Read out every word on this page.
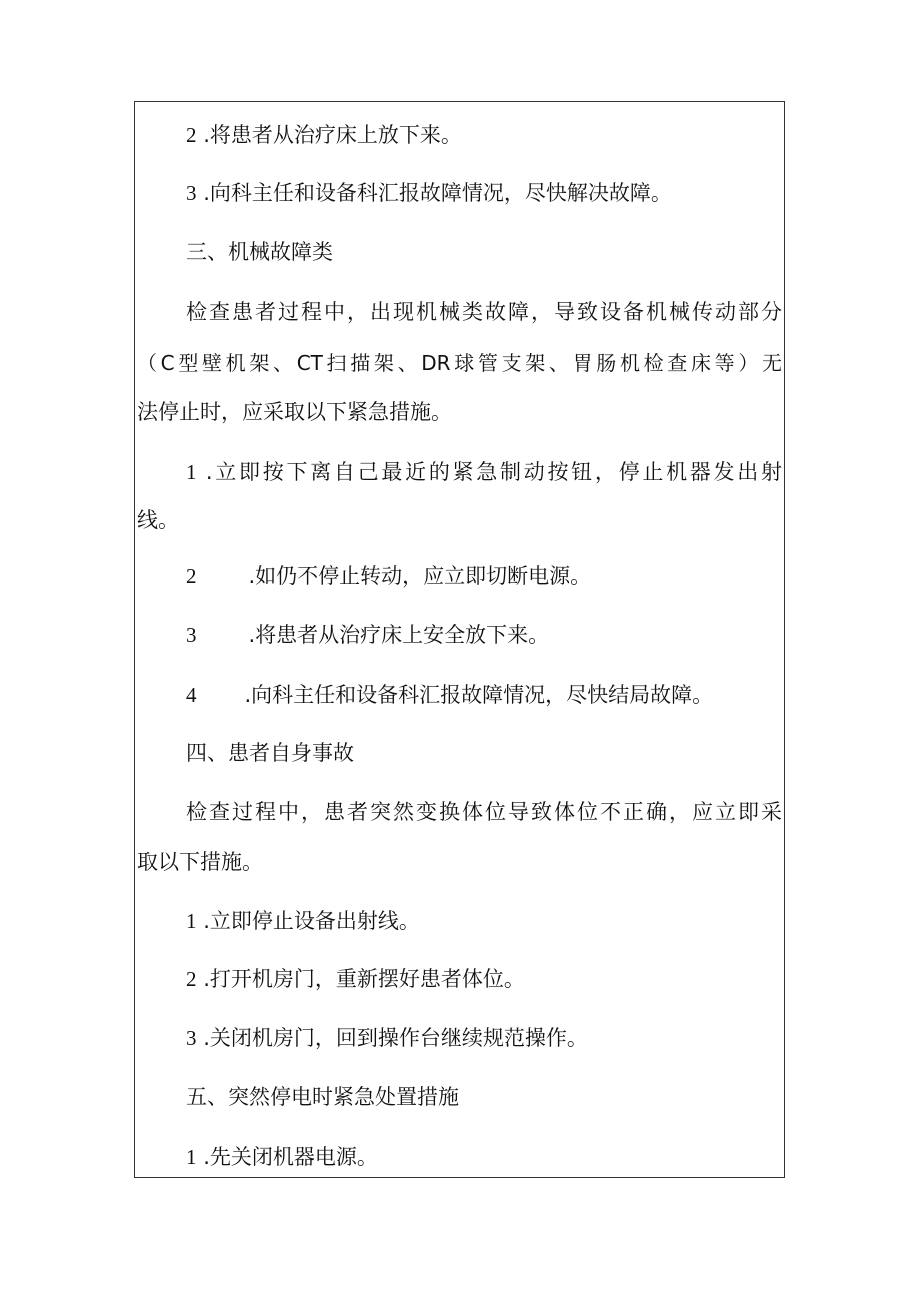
2 .将患者从治疗床上放下来。

3 .向科主任和设备科汇报故障情况，尽快解决故障。

三、机械故障类

检查患者过程中，出现机械类故障，导致设备机械传动部分

（C型壁机架、CT扫描架、DR球管支架、胃肠机检查床等）无

法停止时，应采取以下紧急措施。

1 .立即按下离自己最近的紧急制动按钮，停止机器发出射

线。

2 .如仍不停止转动，应立即切断电源。

3 .将患者从治疗床上安全放下来。

4 .向科主任和设备科汇报故障情况，尽快结局故障。

四、患者自身事故

检查过程中，患者突然变换体位导致体位不正确，应立即采

取以下措施。

1 .立即停止设备出射线。

2 .打开机房门，重新摆好患者体位。

3 .关闭机房门，回到操作台继续规范操作。

五、突然停电时紧急处置措施

1 .先关闭机器电源。
